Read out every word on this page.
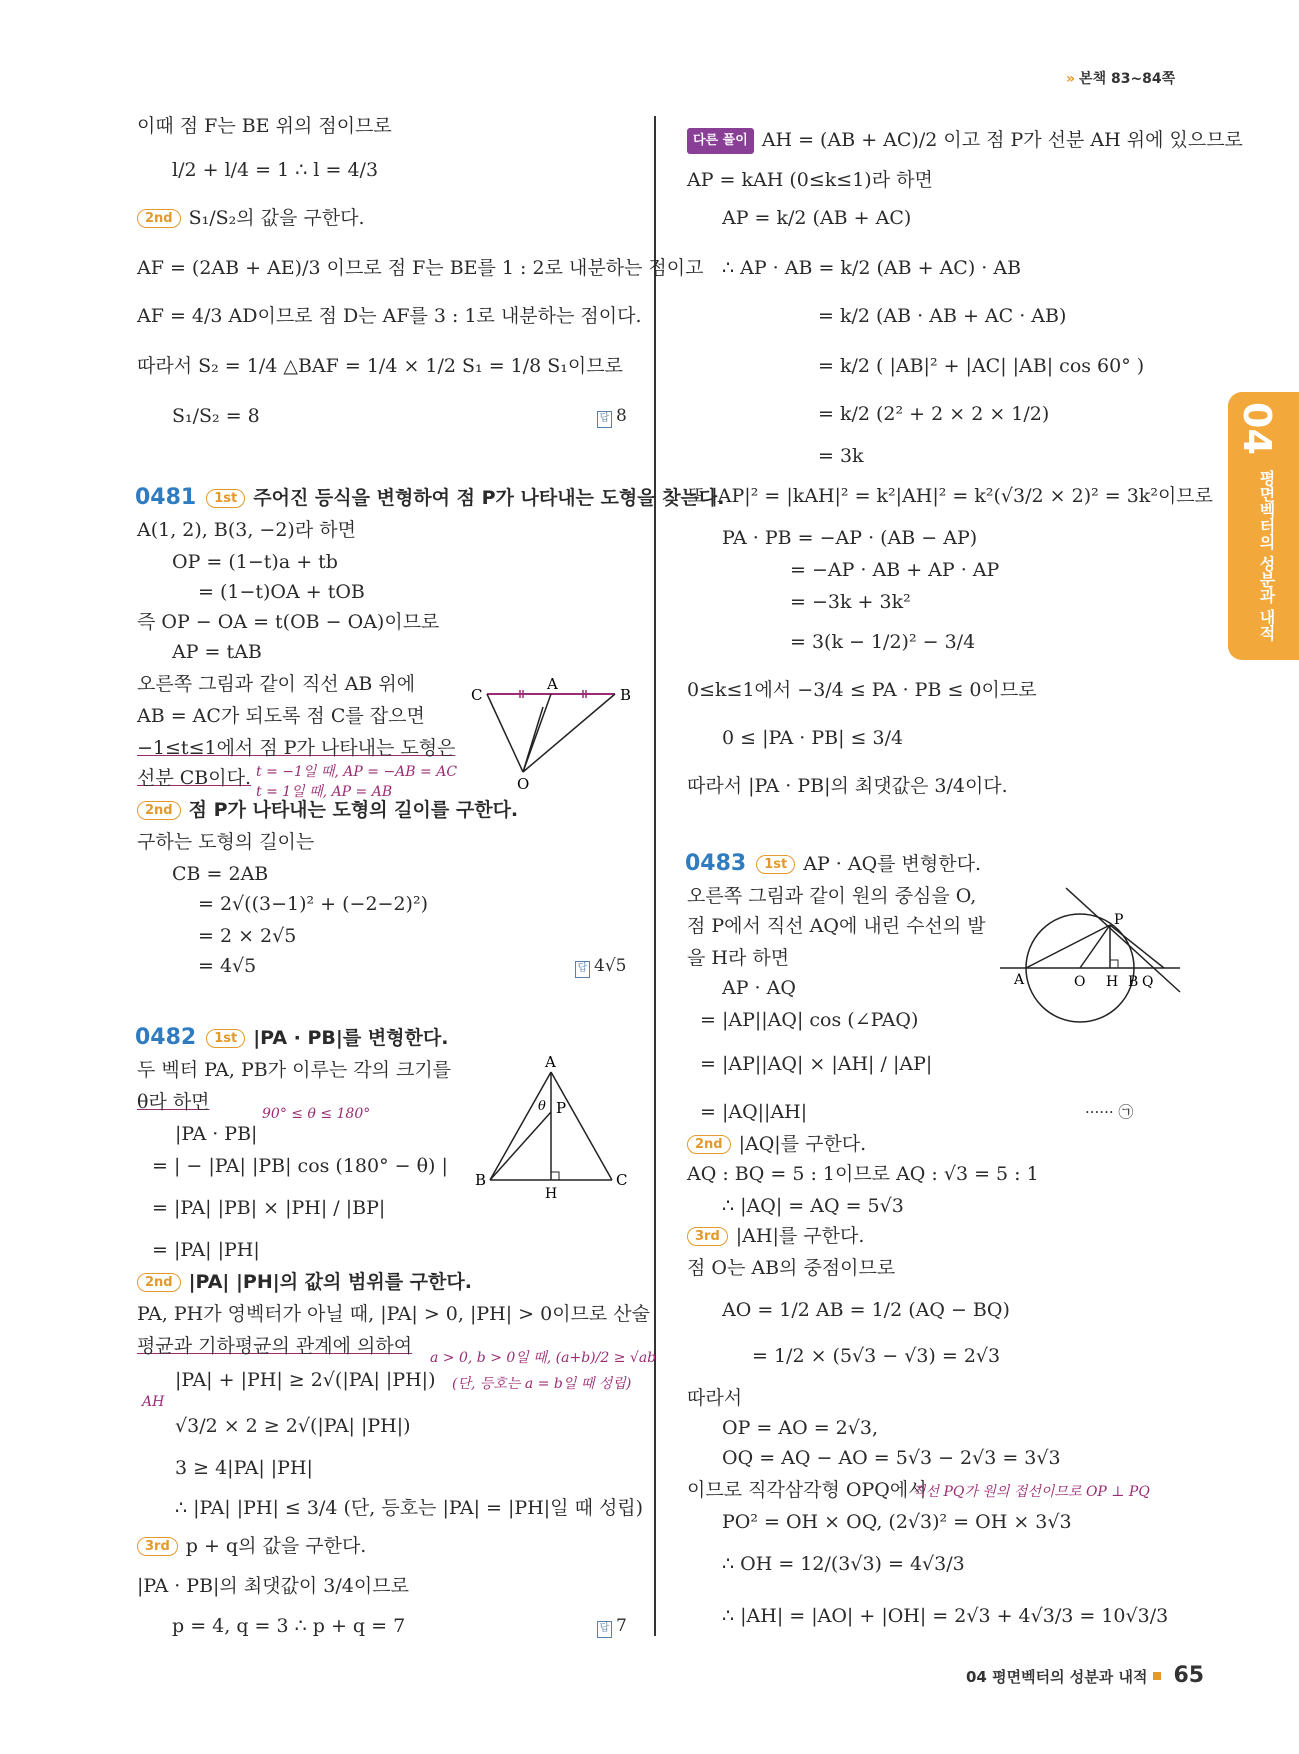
» 본책 83~84쪽
04
평면벡터의 성분과 내적
이때 점 F는 BE 위의 점이므로
l/2 + l/4 = 1 ∴ l = 4/3
2nd S₁/S₂의 값을 구한다.
AF = (2AB + AE)/3 이므로 점 F는 BE를 1 : 2로 내분하는 점이고
AF = 4/3 AD이므로 점 D는 AF를 3 : 1로 내분하는 점이다.
따라서 S₂ = 1/4 △BAF = 1/4 × 1/2 S₁ = 1/8 S₁이므로
S₁/S₂ = 8	답 8
0481 1st 주어진 등식을 변형하여 점 P가 나타내는 도형을 찾는다.
A(1, 2), B(3, −2)라 하면
OP = (1−t)a + tb
= (1−t)OA + tOB
즉 OP − OA = t(OB − OA)이므로
AP = tAB
오른쪽 그림과 같이 직선 AB 위에
AB = AC가 되도록 점 C를 잡으면
−1≤t≤1에서 점 P가 나타내는 도형은
선분 CB이다. t = −1일 때, AP = −AB = AC
t = 1일 때, AP = AB
2nd 점 P가 나타내는 도형의 길이를 구한다.
구하는 도형의 길이는
CB = 2AB
= 2√((3−1)² + (−2−2)²)
= 2 × 2√5
= 4√5	답 4√5
C
A
B
O
0482 1st |PA · PB|를 변형한다.
두 벡터 PA, PB가 이루는 각의 크기를
θ라 하면
90° ≤ θ ≤ 180°
|PA · PB|
= | − |PA| |PB| cos (180° − θ) |
= |PA| |PB| × |PH| / |BP|
= |PA| |PH|
2nd |PA| |PH|의 값의 범위를 구한다.
PA, PH가 영벡터가 아닐 때, |PA| > 0, |PH| > 0이므로 산술
평균과 기하평균의 관계에 의하여
a > 0, b > 0일 때, (a+b)/2 ≥ √ab
(단, 등호는 a = b일 때 성립)
|PA| + |PH| ≥ 2√(|PA| |PH|)
AH
√3/2 × 2 ≥ 2√(|PA| |PH|)
3 ≥ 4|PA| |PH|
∴ |PA| |PH| ≤ 3/4 (단, 등호는 |PA| = |PH|일 때 성립)
3rd p + q의 값을 구한다.
|PA · PB|의 최댓값이 3/4이므로
p = 4, q = 3 ∴ p + q = 7	답 7
A
B	C
H
P
θ
다른 풀이 AH = (AB + AC)/2 이고 점 P가 선분 AH 위에 있으므로
AP = kAH (0≤k≤1)라 하면
AP = k/2 (AB + AC)
∴ AP · AB = k/2 (AB + AC) · AB
= k/2 (AB · AB + AC · AB)
= k/2 ( |AB|² + |AC| |AB| cos 60° )
= k/2 (2² + 2 × 2 × 1/2)
= 3k
또 |AP|² = |kAH|² = k²|AH|² = k²(√3/2 × 2)² = 3k²이므로
PA · PB = −AP · (AB − AP)
= −AP · AB + AP · AP
= −3k + 3k²
= 3(k − 1/2)² − 3/4
0≤k≤1에서 −3/4 ≤ PA · PB ≤ 0이므로
0 ≤ |PA · PB| ≤ 3/4
따라서 |PA · PB|의 최댓값은 3/4이다.
0483 1st AP · AQ를 변형한다.
오른쪽 그림과 같이 원의 중심을 O,
점 P에서 직선 AQ에 내린 수선의 발
을 H라 하면
AP · AQ
= |AP||AQ| cos (∠PAQ)
= |AP||AQ| × |AH| / |AP|
= |AQ||AH|	······ ㉠
2nd |AQ|를 구한다.
AQ : BQ = 5 : 1이므로 AQ : √3 = 5 : 1
∴ |AQ| = AQ = 5√3
3rd |AH|를 구한다.
점 O는 AB의 중점이므로
AO = 1/2 AB = 1/2 (AQ − BQ)
= 1/2 × (5√3 − √3) = 2√3
따라서
OP = AO = 2√3,
OQ = AQ − AO = 5√3 − 2√3 = 3√3
이므로 직각삼각형 OPQ에서
직선 PQ가 원의 접선이므로 OP ⊥ PQ
PO² = OH × OQ, (2√3)² = OH × 3√3
∴ OH = 12/(3√3) = 4√3/3
∴ |AH| = |AO| + |OH| = 2√3 + 4√3/3 = 10√3/3
A	O H B Q
P
04 평면벡터의 성분과 내적 65
